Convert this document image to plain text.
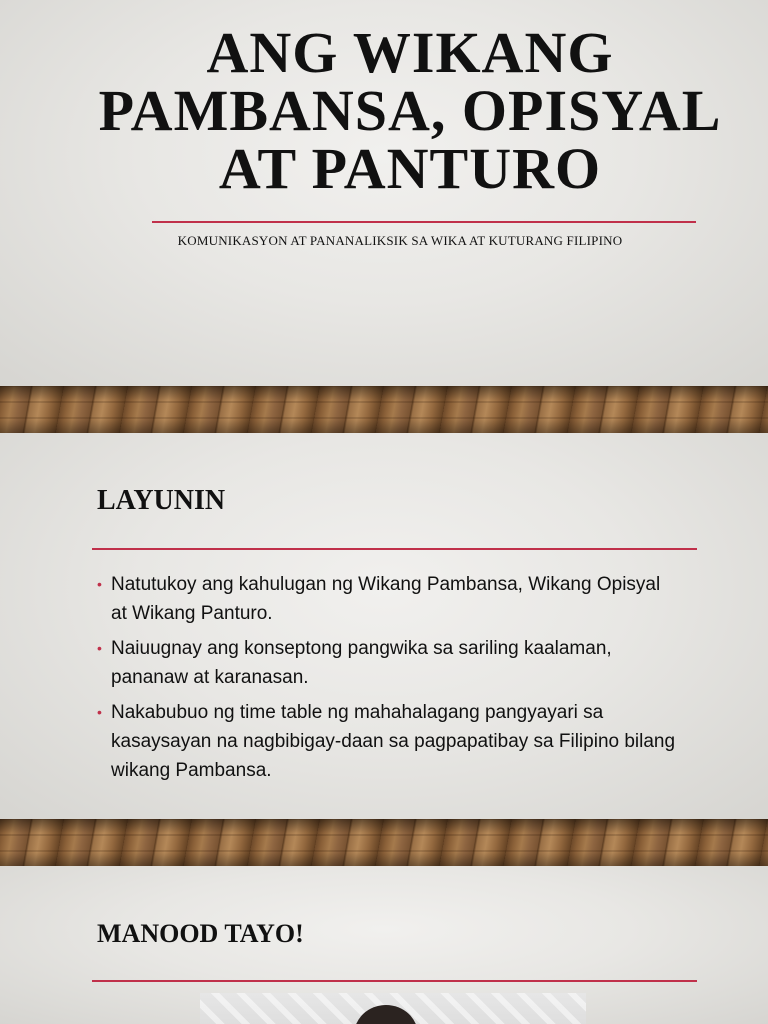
ANG WIKANG
PAMBANSA, OPISYAL
AT PANTURO
KOMUNIKASYON AT PANANALIKSIK SA WIKA AT KUTURANG FILIPINO
LAYUNIN
• Natutukoy ang kahulugan ng Wikang Pambansa, Wikang Opisyal at Wikang Panturo.
• Naiuugnay ang konseptong pangwika sa sariling kaalaman, pananaw at karanasan.
• Nakabubuo ng time table ng mahahalagang pangyayari sa kasaysayan na nagbibigay-daan sa pagpapatibay sa Filipino bilang wikang Pambansa.
MANOOD TAYO!
